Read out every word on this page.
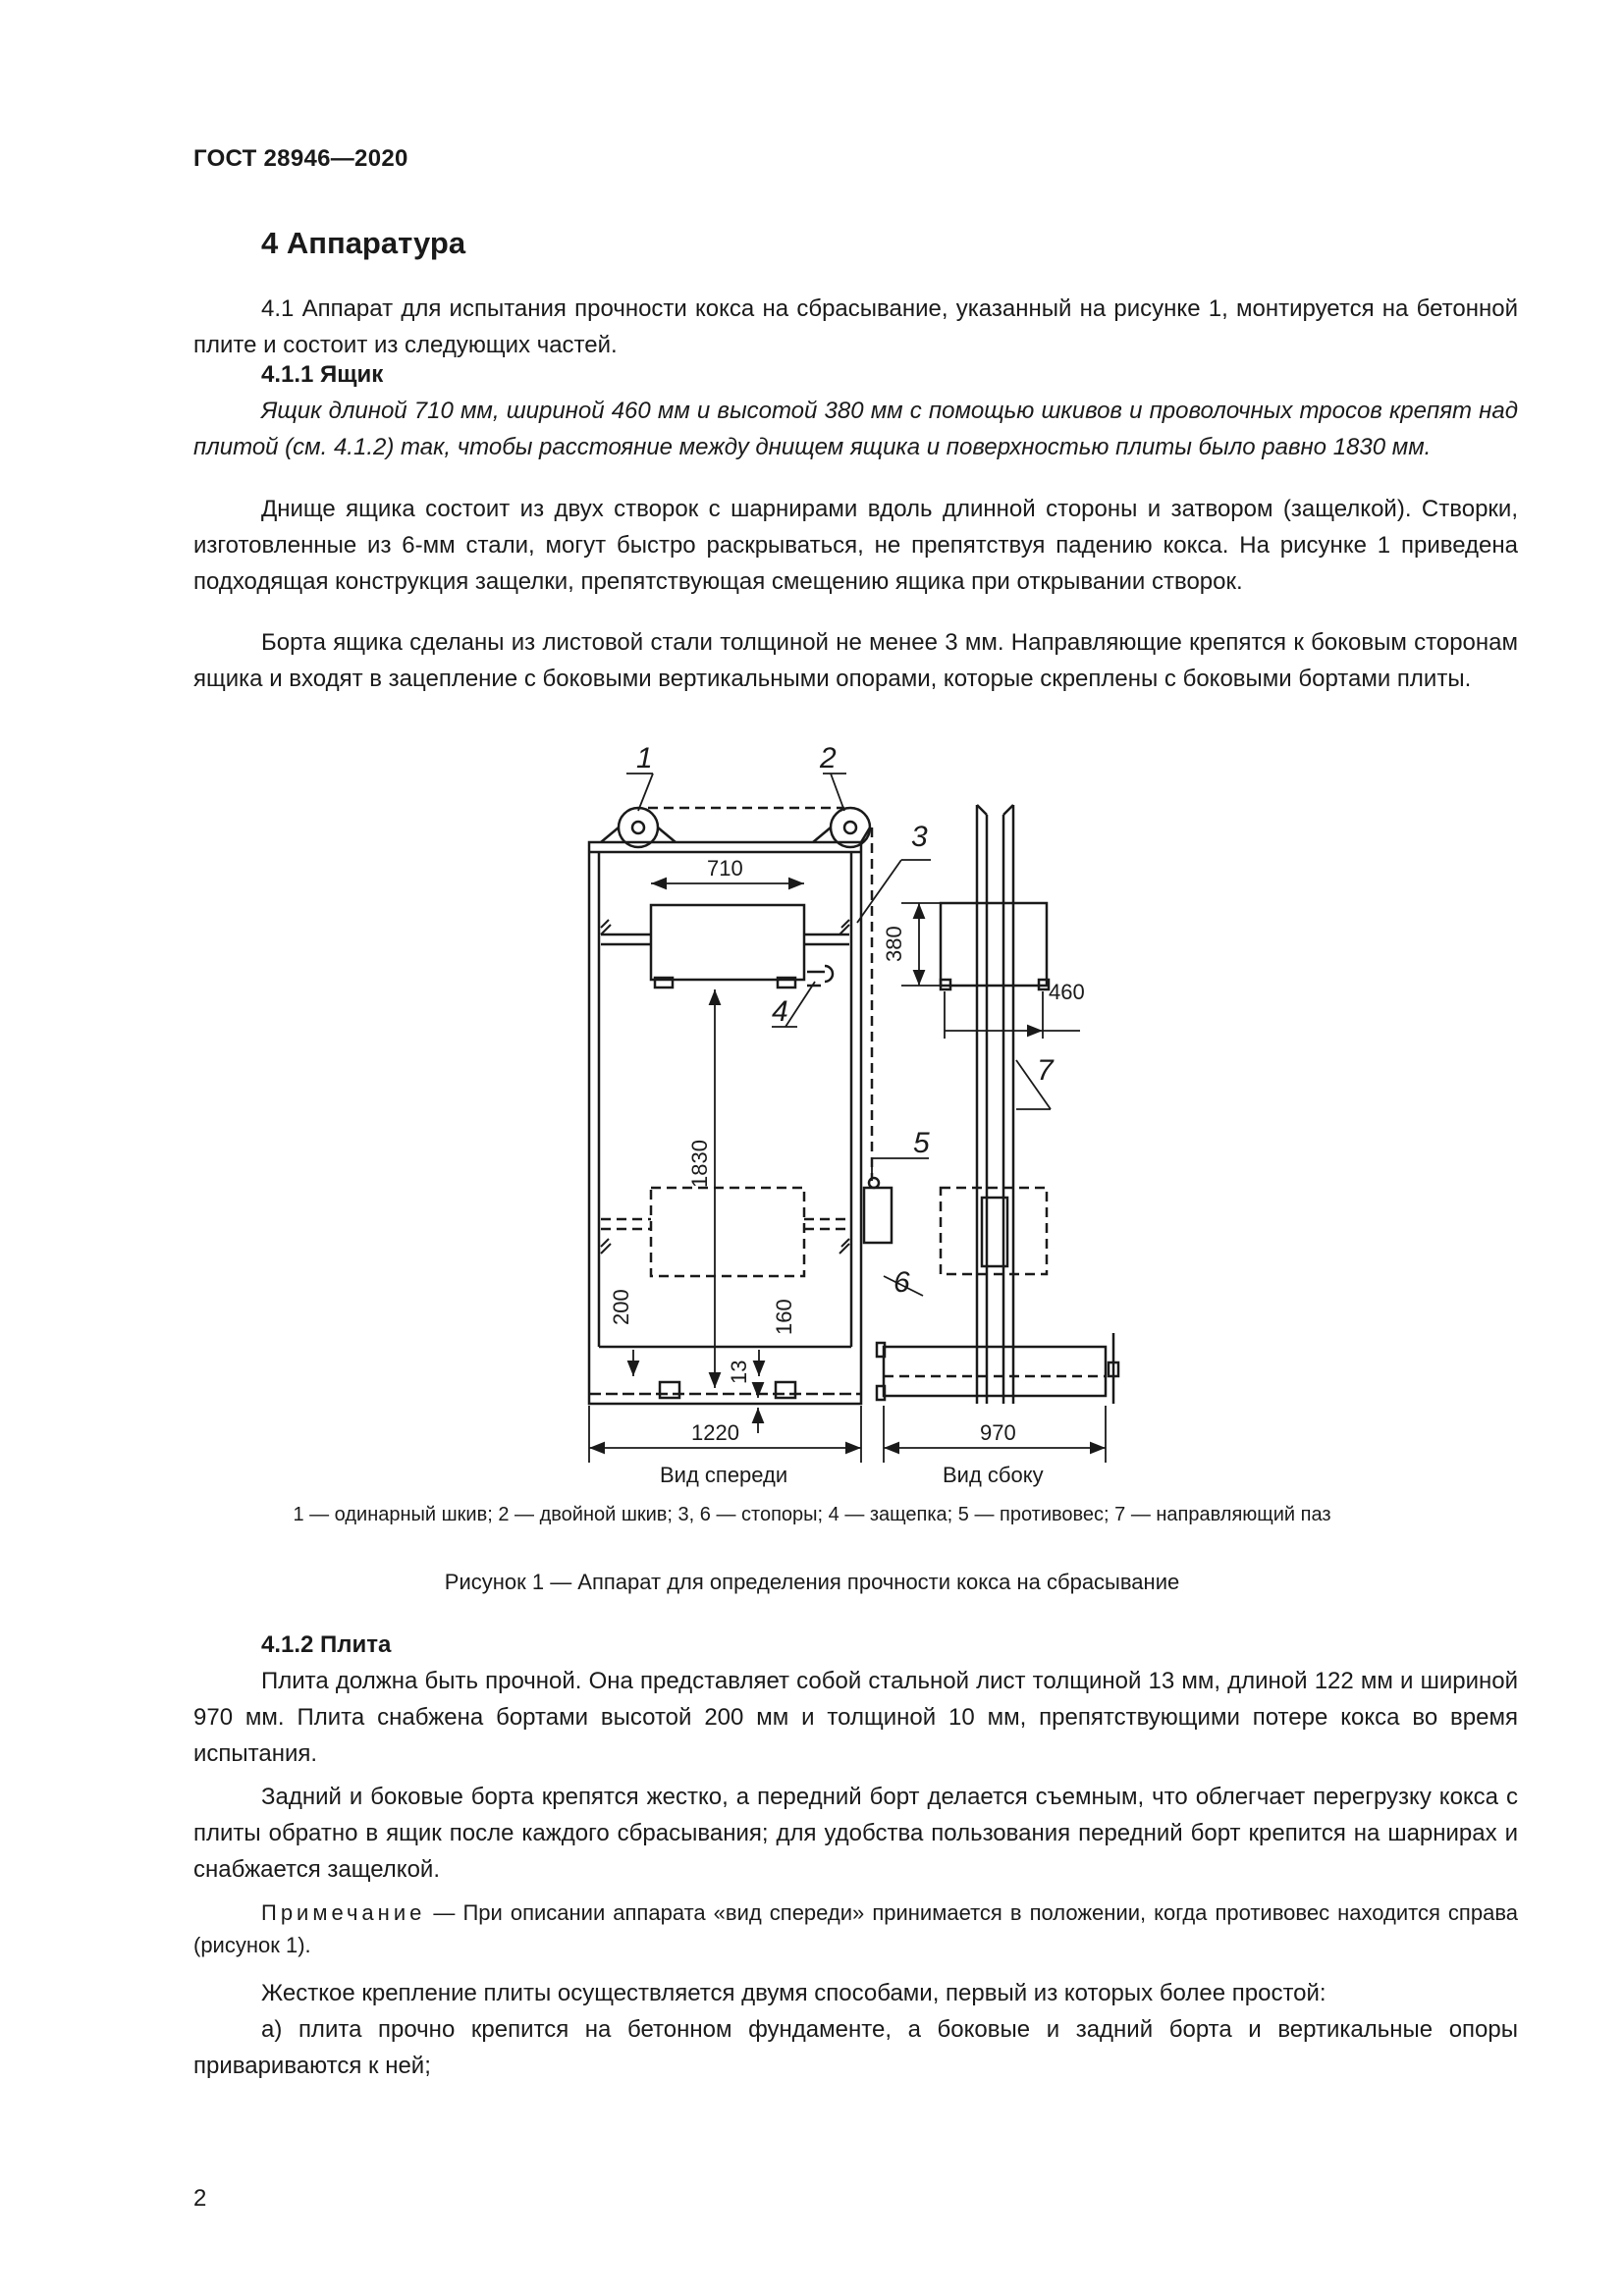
ГОСТ 28946—2020
4 Аппаратура

4.1 Аппарат для испытания прочности кокса на сбрасывание, указанный на рисунке 1, монтируется на бетонной плите и состоит из следующих частей.

4.1.1 Ящик

Ящик длиной 710 мм, шириной 460 мм и высотой 380 мм с помощью шкивов и проволочных тросов крепят над плитой (см. 4.1.2) так, чтобы расстояние между днищем ящика и поверхностью плиты было равно 1830 мм.

Днище ящика состоит из двух створок с шарнирами вдоль длинной стороны и затвором (защелкой). Створки, изготовленные из 6-мм стали, могут быстро раскрываться, не препятствуя падению кокса. На рисунке 1 приведена подходящая конструкция защелки, препятствующая смещению ящика при открывании створок.

Борта ящика сделаны из листовой стали толщиной не менее 3 мм. Направляющие крепятся к боковым сторонам ящика и входят в зацепление с боковыми вертикальными опорами, которые скреплены с боковыми бортами плиты.

1	2
3
4
5
6
7
710
380
460
1830
200	160
13
1220	970
Вид спереди	Вид сбоку
1 — одинарный шкив; 2 — двойной шкив; 3, 6 — стопоры; 4 — защепка; 5 — противовес; 7 — направляющий паз
Рисунок 1 — Аппарат для определения прочности кокса на сбрасывание
4.1.2 Плита

Плита должна быть прочной. Она представляет собой стальной лист толщиной 13 мм, длиной 122 мм и шириной 970 мм. Плита снабжена бортами высотой 200 мм и толщиной 10 мм, препятствующими потере кокса во время испытания.

Задний и боковые борта крепятся жестко, а передний борт делается съемным, что облегчает перегрузку кокса с плиты обратно в ящик после каждого сбрасывания; для удобства пользования передний борт крепится на шарнирах и снабжается защелкой.

Примечание — При описании аппарата «вид спереди» принимается в положении, когда противовес находится справа (рисунок 1).

Жесткое крепление плиты осуществляется двумя способами, первый из которых более простой:

а) плита прочно крепится на бетонном фундаменте, а боковые и задний борта и вертикальные опоры привариваются к ней;

2
